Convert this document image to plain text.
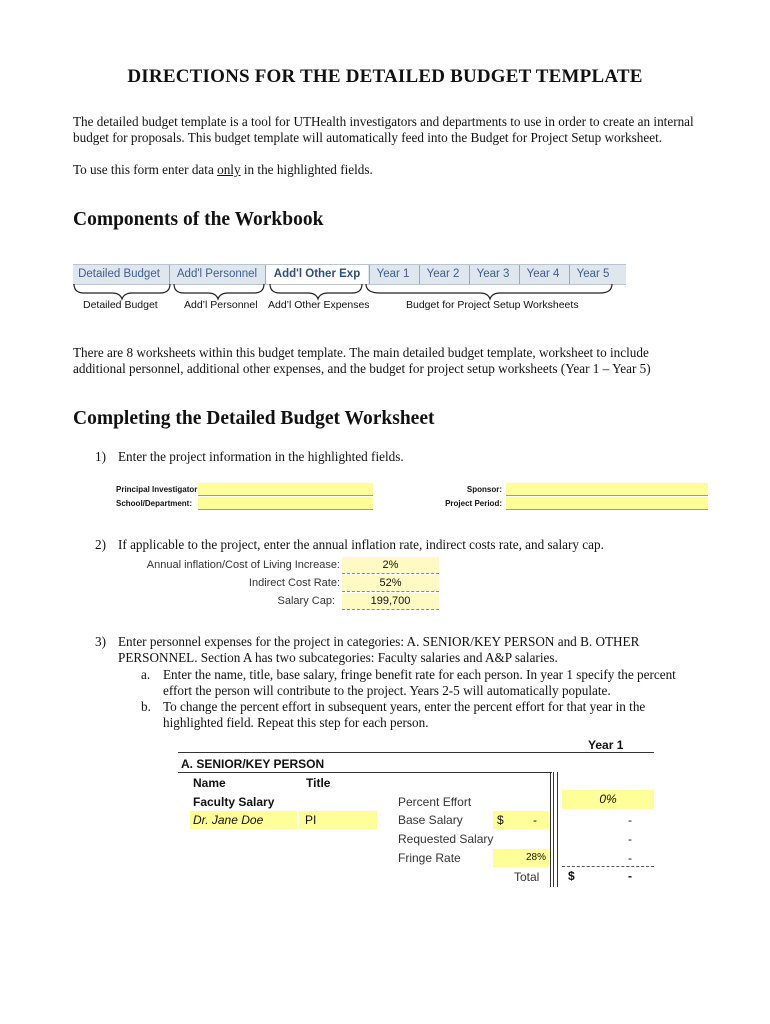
DIRECTIONS FOR THE DETAILED BUDGET TEMPLATE
The detailed budget template is a tool for UTHealth investigators and departments to use in order to create an internal
budget for proposals. This budget template will automatically feed into the Budget for Project Setup worksheet.
To use this form enter data only in the highlighted fields.
Components of the Workbook
Detailed Budget	Add'l Personnel	Add'l Other Exp	Year 1	Year 2	Year 3	Year 4	Year 5
Detailed Budget	Add’l Personnel Add’l Other Expenses	Budget for Project Setup Worksheets
There are 8 worksheets within this budget template. The main detailed budget template, worksheet to include
additional personnel, additional other expenses, and the budget for project setup worksheets (Year 1 – Year 5)
Completing the Detailed Budget Worksheet
1) Enter the project information in the highlighted fields.
Principal Investigator
School/Department:
Sponsor:
Project Period:
2) If applicable to the project, enter the annual inflation rate, indirect costs rate, and salary cap.
Annual inflation/Cost of Living Increase:	2%
Indirect Cost Rate:	52%
Salary Cap:	199,700
3) Enter personnel expenses for the project in categories: A. SENIOR/KEY PERSON and B. OTHER
PERSONNEL. Section A has two subcategories: Faculty salaries and A&P salaries.
a. Enter the name, title, base salary, fringe benefit rate for each person. In year 1 specify the percent
effort the person will contribute to the project. Years 2-5 will automatically populate.
b. To change the percent effort in subsequent years, enter the percent effort for that year in the
highlighted field. Repeat this step for each person.
Year 1
A. SENIOR/KEY PERSON
Name	Title
Faculty Salary	Percent Effort	0%
Dr. Jane Doe	PI	Base Salary	$ -	-
Requested Salary	-
Fringe Rate	28%	-
Total $	-
